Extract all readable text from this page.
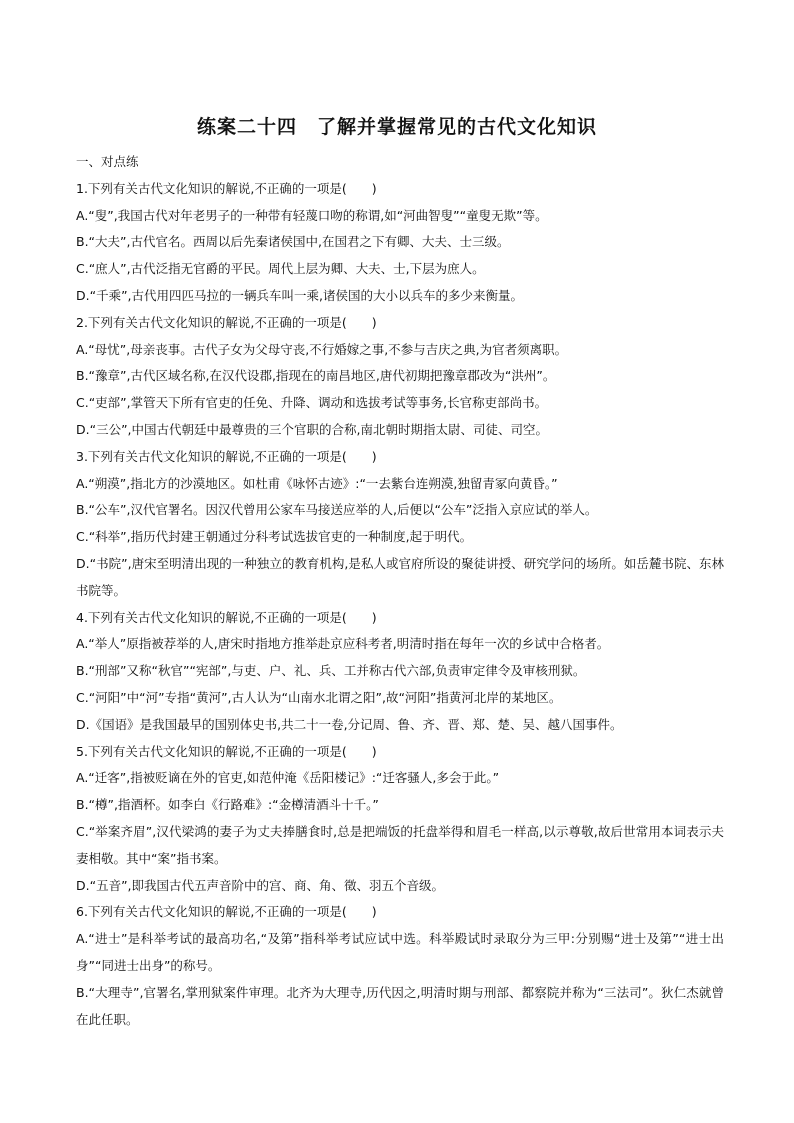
练案二十四　了解并掌握常见的古代文化知识

一、对点练

1.下列有关古代文化知识的解说,不正确的一项是(　　)

A.“叟”,我国古代对年老男子的一种带有轻蔑口吻的称谓,如“河曲智叟”“童叟无欺”等。

B.“大夫”,古代官名。西周以后先秦诸侯国中,在国君之下有卿、大夫、士三级。

C.“庶人”,古代泛指无官爵的平民。周代上层为卿、大夫、士,下层为庶人。

D.“千乘”,古代用四匹马拉的一辆兵车叫一乘,诸侯国的大小以兵车的多少来衡量。

2.下列有关古代文化知识的解说,不正确的一项是(　　)

A.“母忧”,母亲丧事。古代子女为父母守丧,不行婚嫁之事,不参与吉庆之典,为官者须离职。

B.“豫章”,古代区域名称,在汉代设郡,指现在的南昌地区,唐代初期把豫章郡改为“洪州”。

C.“吏部”,掌管天下所有官吏的任免、升降、调动和选拔考试等事务,长官称吏部尚书。

D.“三公”,中国古代朝廷中最尊贵的三个官职的合称,南北朝时期指太尉、司徒、司空。

3.下列有关古代文化知识的解说,不正确的一项是(　　)

A.“朔漠”,指北方的沙漠地区。如杜甫《咏怀古迹》:“一去紫台连朔漠,独留青冢向黄昏。”

B.“公车”,汉代官署名。因汉代曾用公家车马接送应举的人,后便以“公车”泛指入京应试的举人。

C.“科举”,指历代封建王朝通过分科考试选拔官吏的一种制度,起于明代。

D.“书院”,唐宋至明清出现的一种独立的教育机构,是私人或官府所设的聚徒讲授、研究学问的场所。如岳麓书院、东林书院等。

4.下列有关古代文化知识的解说,不正确的一项是(　　)

A.“举人”原指被荐举的人,唐宋时指地方推举赴京应科考者,明清时指在每年一次的乡试中合格者。

B.“刑部”又称“秋官”“宪部”,与吏、户、礼、兵、工并称古代六部,负责审定律令及审核刑狱。

C.“河阳”中“河”专指“黄河”,古人认为“山南水北谓之阳”,故“河阳”指黄河北岸的某地区。

D.《国语》是我国最早的国别体史书,共二十一卷,分记周、鲁、齐、晋、郑、楚、吴、越八国事件。

5.下列有关古代文化知识的解说,不正确的一项是(　　)

A.“迁客”,指被贬谪在外的官吏,如范仲淹《岳阳楼记》:“迁客骚人,多会于此。”

B.“樽”,指酒杯。如李白《行路难》:“金樽清酒斗十千。”

C.“举案齐眉”,汉代梁鸿的妻子为丈夫捧膳食时,总是把端饭的托盘举得和眉毛一样高,以示尊敬,故后世常用本词表示夫妻相敬。其中“案”指书案。

D.“五音”,即我国古代五声音阶中的宫、商、角、徵、羽五个音级。

6.下列有关古代文化知识的解说,不正确的一项是(　　)

A.“进士”是科举考试的最高功名,“及第”指科举考试应试中选。科举殿试时录取分为三甲:分别赐“进士及第”“进士出身”“同进士出身”的称号。

B.“大理寺”,官署名,掌刑狱案件审理。北齐为大理寺,历代因之,明清时期与刑部、都察院并称为“三法司”。狄仁杰就曾在此任职。
